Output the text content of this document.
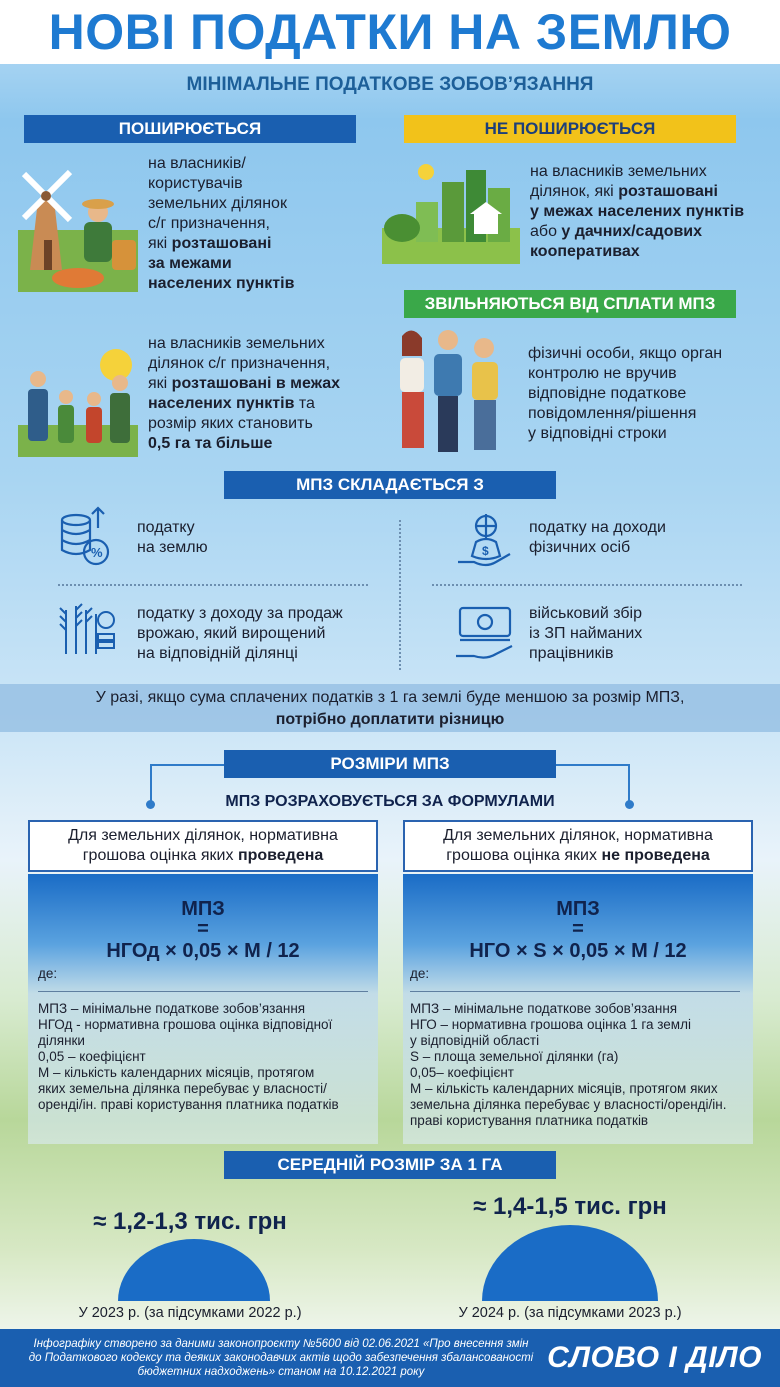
НОВІ ПОДАТКИ НА ЗЕМЛЮ
МІНІМАЛЬНЕ ПОДАТКОВЕ ЗОБОВ’ЯЗАННЯ
ПОШИРЮЄТЬСЯ
на власників/
користувачів
земельних ділянок
с/г призначення,
які розташовані
за межами
населених пунктів
на власників земельних
ділянок с/г призначення,
які розташовані в межах
населених пунктів та
розмір яких становить
0,5 га та більше
НЕ ПОШИРЮЄТЬСЯ
на власників земельних
ділянок, які розташовані
у межах населених пунктів
або у дачних/садових
кооперативах
ЗВІЛЬНЯЮТЬСЯ ВІД СПЛАТИ МПЗ
фізичні особи, якщо орган
контролю не вручив
відповідне податкове
повідомлення/рішення
у відповідні строки
МПЗ СКЛАДАЄТЬСЯ З
%
податку
на землю	$
податку на доходи
фізичних осіб
податку з доходу за продаж
врожаю, який вирощений
на відповідній ділянці
військовий збір
із ЗП найманих
працівників
У разі, якщо сума сплачених податків з 1 га землі буде меншою за розмір МПЗ,
потрібно доплатити різницю
РОЗМІРИ МПЗ
МПЗ РОЗРАХОВУЄТЬСЯ ЗА ФОРМУЛАМИ
Для земельних ділянок, нормативна
грошова оцінка яких проведена
МПЗ
=
НГОд × 0,05 × М / 12
де:
МПЗ – мінімальне податкове зобов’язання
НГОд - нормативна грошова оцінка відповідної
ділянки
0,05 – коефіцієнт
М – кількість календарних місяців, протягом
яких земельна ділянка перебуває у власності/
оренді/ін. праві користування платника податків
Для земельних ділянок, нормативна
грошова оцінка яких не проведена
МПЗ
=
НГО × S × 0,05 × М / 12
де:
МПЗ – мінімальне податкове зобов’язання
НГО – нормативна грошова оцінка 1 га землі
у відповідній області
S – площа земельної ділянки (га)
0,05– коефіцієнт
М – кількість календарних місяців, протягом яких
земельна ділянка перебуває у власності/оренді/ін.
праві користування платника податків
СЕРЕДНІЙ РОЗМІР ЗА 1 ГА
≈ 1,2-1,3 тис. грн
У 2023 р. (за підсумками 2022 р.)
≈ 1,4-1,5 тис. грн
У 2024 р. (за підсумками 2023 р.)
Інфографіку створено за даними законопроєкту №5600 від 02.06.2021 «Про внесення змін
до Податкового кодексу та деяких законодавчих актів щодо забезпечення збалансованості
бюджетних надходжень» станом на 10.12.2021 року	СЛОВО І ДІЛО
